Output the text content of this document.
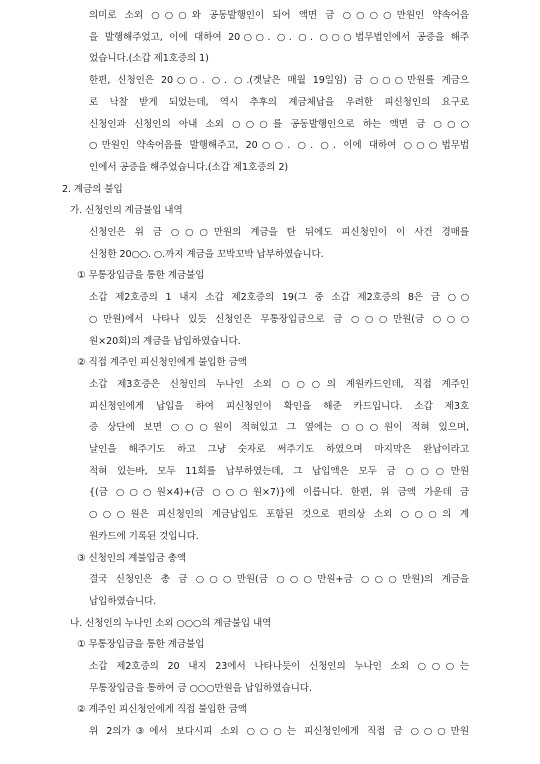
의미로 소외 ○○○와 공동발행인이 되어 액면 금 ○○○○만원인 약속어음
을 발행해주었고, 이에 대하여 20○○. ○. ○. ○○○법무법인에서 공증을 해주
었습니다.(소갑 제1호증의 1)
한편, 신청인은 20○○. ○. ○.(곗날은 매월 19일임) 금 ○○○만원를 계금으
로 낙찰 받게 되었는데, 역시 추후의 계금체납을 우려한 피신청인의 요구로
신청인과 신청인의 아내 소외 ○○○를 공동발행인으로 하는 액면 금 ○○○
○만원인 약속어음를 발행해주고, 20○○. ○. ○. 이에 대하여 ○○○법무법
인에서 공증을 해주었습니다.(소갑 제1호증의 2)
2. 계금의 불입
가. 신청인의 계금불입 내역
신청인은 위 금 ○○○만원의 계금을 탄 뒤에도 피신청인이 이 사건 경매를
신청한 20○○. ○.까지 계금을 꼬박꼬박 납부하였습니다.
① 무통장입금을 통한 계금불입
소갑 제2호증의 1 내지 소갑 제2호증의 19(그 중 소갑 제2호증의 8은 금 ○○
○만원)에서 나타나 있듯 신청인은 무통장입금으로 금 ○○○만원(금 ○○○
원×20회)의 계금을 납입하였습니다.
② 직접 계주인 피신청인에게 불입한 금액
소갑 제3호증은 신청인의 누나인 소외 ○○○의 계원카드인데, 직접 계주인
피신청인에게 납입을 하여 피신청인이 확인을 해준 카드입니다. 소갑 제3호
증 상단에 보면 ○○○원이 적혀있고 그 옆에는 ○○○원이 적혀 있으며,
날인을 해주기도 하고 그냥 숫자로 써주기도 하였으며 마지막은 완납이라고
적혀 있는바, 모두 11회를 납부하였는데, 그 납입액은 모두 금 ○○○만원
{(금 ○○○원×4)+(금 ○○○원×7)}에 이릅니다. 한편, 위 금액 가운데 금
○○○원은 피신청인의 계금납입도 포함된 것으로 편의상 소외 ○○○의 계
원카드에 기록된 것입니다.
③ 신청인의 계불입금 총액
결국 신청인은 총 금 ○○○만원(금 ○○○만원+금 ○○○만원)의 계금을
납입하였습니다.
나. 신청인의 누나인 소외 ○○○의 계금불입 내역
① 무통장입금을 통한 계금불입
소갑 제2호증의 20 내지 23에서 나타나듯이 신청인의 누나인 소외 ○○○는
무통장입금을 통하여 금 ○○○만원을 납입하였습니다.
② 계주인 피신청인에게 직접 불입한 금액
위 2의가③에서 보다시피 소외 ○○○는 피신청인에게 직접 금 ○○○만원
